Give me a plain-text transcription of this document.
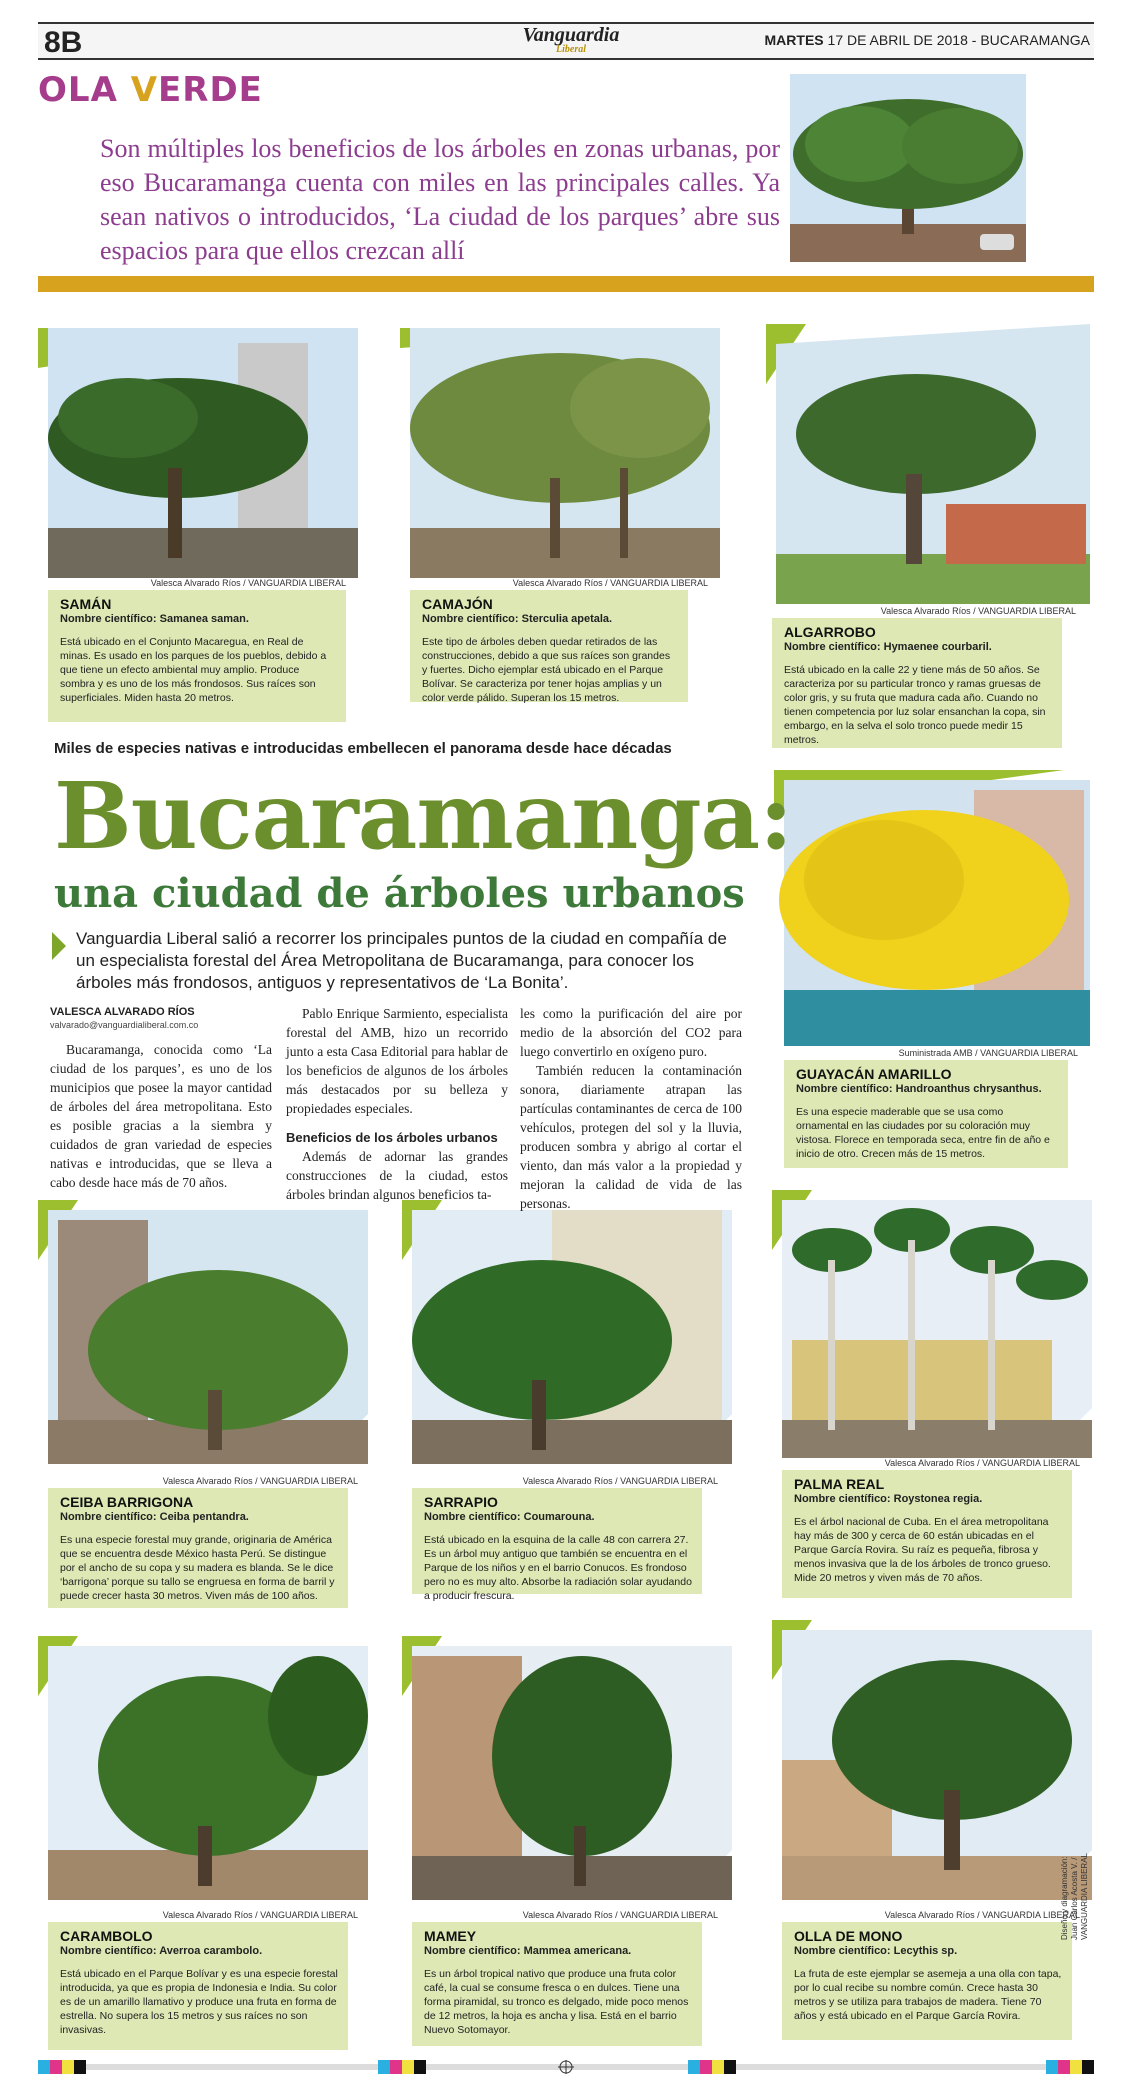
8B	Vanguardia
Liberal
MARTES 17 DE ABRIL DE 2018 - BUCARAMANGA
OLA VERDE
Son múltiples los beneficios de los árboles en zonas urbanas, por eso Bucaramanga cuenta con miles en las principales calles. Ya sean nativos o introducidos, ‘La ciudad de los parques’ abre sus espacios para que ellos crezcan allí
Valesca Alvarado Ríos / VANGUARDIA LIBERAL
SAMÁN
Nombre científico: Samanea saman.
Está ubicado en el Conjunto Macaregua, en Real de minas. Es usado en los parques de los pueblos, debido a que tiene un efecto ambiental muy amplio. Produce sombra y es uno de los más frondosos. Sus raíces son superficiales. Miden hasta 20 metros.
Valesca Alvarado Ríos / VANGUARDIA LIBERAL
CAMAJÓN
Nombre científico: Sterculia apetala.
Este tipo de árboles deben quedar retirados de las construcciones, debido a que sus raíces son grandes y fuertes. Dicho ejemplar está ubicado en el Parque Bolívar. Se caracteriza por tener hojas amplias y un color verde pálido. Superan los 15 metros.
Valesca Alvarado Ríos / VANGUARDIA LIBERAL
ALGARROBO
Nombre científico: Hymaenee courbaril.
Está ubicado en la calle 22 y tiene más de 50 años. Se caracteriza por su particular tronco y ramas gruesas de color gris, y su fruta que madura cada año. Cuando no tienen competencia por luz solar ensanchan la copa, sin embargo, en la selva el solo tronco puede medir 15 metros.
Suministrada AMB / VANGUARDIA LIBERAL
GUAYACÁN AMARILLO
Nombre científico: Handroanthus chrysanthus.
Es una especie maderable que se usa como ornamental en las ciudades por su coloración muy vistosa. Florece en temporada seca, entre fin de año e inicio de otro. Crecen más de 15 metros.
Valesca Alvarado Ríos / VANGUARDIA LIBERAL
CEIBA BARRIGONA
Nombre científico: Ceiba pentandra.
Es una especie forestal muy grande, originaria de América que se encuentra desde México hasta Perú. Se distingue por el ancho de su copa y su madera es blanda. Se le dice ‘barrigona’ porque su tallo se engruesa en forma de barril y puede crecer hasta 30 metros. Viven más de 100 años.
Valesca Alvarado Ríos / VANGUARDIA LIBERAL
SARRAPIO
Nombre científico: Coumarouna.
Está ubicado en la esquina de la calle 48 con carrera 27. Es un árbol muy antiguo que también se encuentra en el Parque de los niños y en el barrio Conucos. Es frondoso pero no es muy alto. Absorbe la radiación solar ayudando a producir frescura.
Valesca Alvarado Ríos / VANGUARDIA LIBERAL
PALMA REAL
Nombre científico: Roystonea regia.
Es el árbol nacional de Cuba. En el área metropolitana hay más de 300 y cerca de 60 están ubicadas en el Parque García Rovira. Su raíz es pequeña, fibrosa y menos invasiva que la de los árboles de tronco grueso. Mide 20 metros y viven más de 70 años.
Valesca Alvarado Ríos / VANGUARDIA LIBERAL
CARAMBOLO
Nombre científico: Averroa carambolo.
Está ubicado en el Parque Bolívar y es una especie forestal introducida, ya que es propia de Indonesia e India. Su color es de un amarillo llamativo y produce una fruta en forma de estrella. No supera los 15 metros y sus raíces no son invasivas.
Valesca Alvarado Ríos / VANGUARDIA LIBERAL
MAMEY
Nombre científico: Mammea americana.
Es un árbol tropical nativo que produce una fruta color café, la cual se consume fresca o en dulces. Tiene una forma piramidal, su tronco es delgado, mide poco menos de 12 metros, la hoja es ancha y lisa. Está en el barrio Nuevo Sotomayor.
Valesca Alvarado Ríos / VANGUARDIA LIBERAL
OLLA DE MONO
Nombre científico: Lecythis sp.
La fruta de este ejemplar se asemeja a una olla con tapa, por lo cual recibe su nombre común. Crece hasta 30 metros y se utiliza para trabajos de madera. Tiene 70 años y está ubicado en el Parque García Rovira.
Miles de especies nativas e introducidas embellecen el panorama desde hace décadas
Bucaramanga:
una ciudad de árboles urbanos
Vanguardia Liberal salió a recorrer los principales puntos de la ciudad en compañía de un especialista forestal del Área Metropolitana de Bucaramanga, para conocer los árboles más frondosos, antiguos y representativos de ‘La Bonita’.
VALESCA ALVARADO RÍOS
valvarado@vanguardialiberal.com.co

Bucaramanga, conocida como ‘La ciudad de los parques’, es uno de los municipios que posee la mayor cantidad de árboles del área metropolitana. Esto es posible gracias a la siembra y cuidados de gran variedad de especies nativas e introducidas, que se lleva a cabo desde hace más de 70 años.

Pablo Enrique Sarmiento, especialista forestal del AMB, hizo un recorrido junto a esta Casa Editorial para hablar de los beneficios de algunos de los árboles más destacados por su belleza y propiedades especiales.

Beneficios de los árboles urbanos

Además de adornar las grandes construcciones de la ciudad, estos árboles brindan algunos beneficios ta-

les como la purificación del aire por medio de la absorción del CO2 para luego convertirlo en oxígeno puro.

También reducen la contaminación sonora, diariamente atrapan las partículas contaminantes de cerca de 100 vehículos, protegen del sol y la lluvia, producen sombra y abrigo al cortar el viento, dan más valor a la propiedad y mejoran la calidad de vida de las personas.

Diseño y diagramación: Juan Carlos Acosta V. / VANGUARDIA LIBERAL
